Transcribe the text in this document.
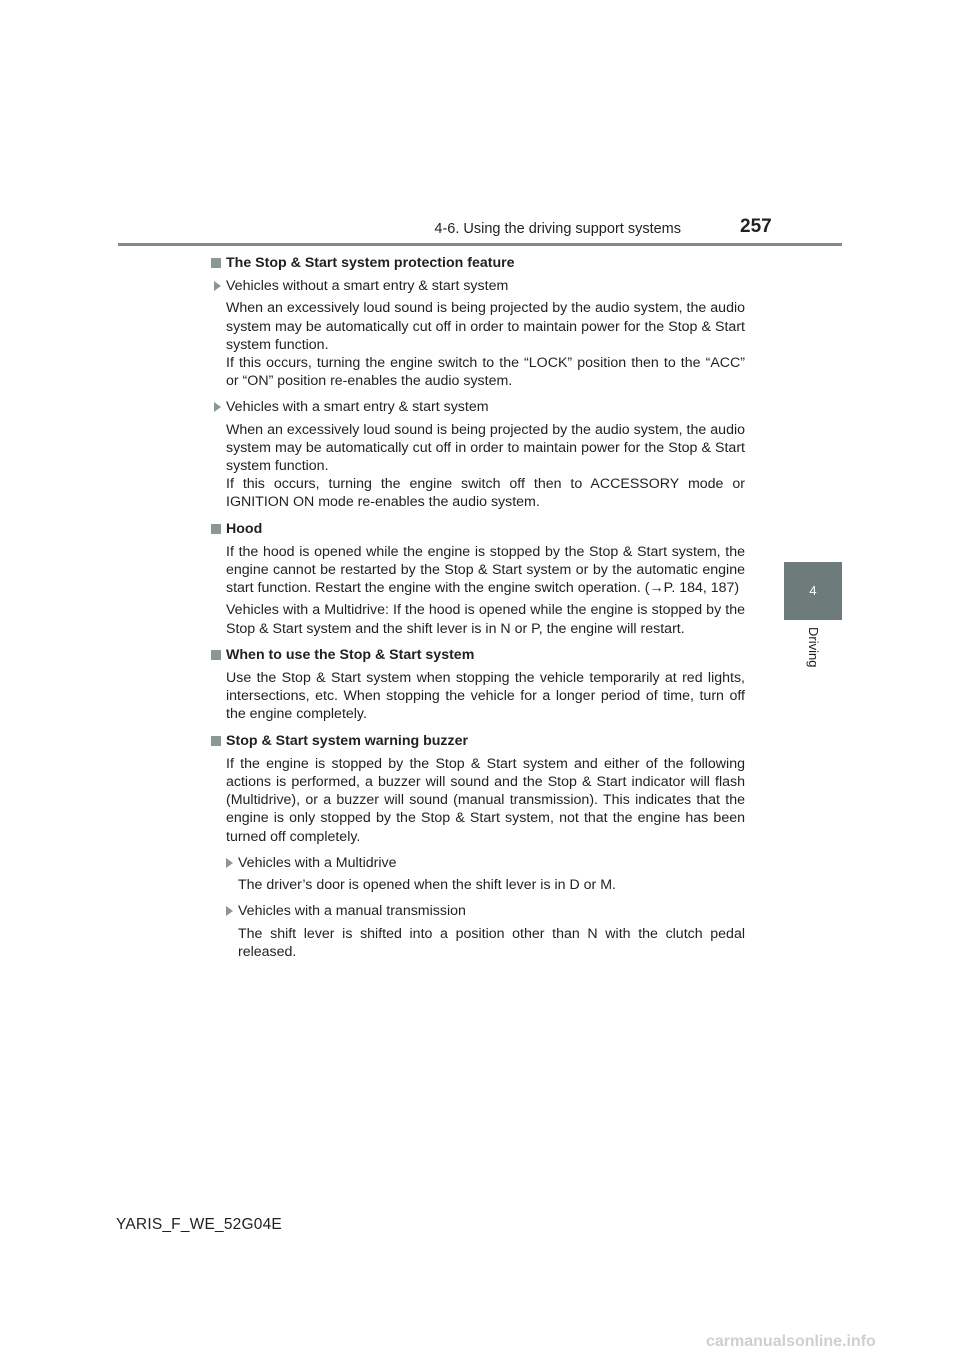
4-6. Using the driving support systems	257
4
Driving
The Stop & Start system protection feature
Vehicles without a smart entry & start system
When an excessively loud sound is being projected by the audio system, the audio system may be automatically cut off in order to maintain power for the Stop & Start system function.
If this occurs, turning the engine switch to the “LOCK” position then to the “ACC” or “ON” position re-enables the audio system.
Vehicles with a smart entry & start system
When an excessively loud sound is being projected by the audio system, the audio system may be automatically cut off in order to maintain power for the Stop & Start system function.
If this occurs, turning the engine switch off then to ACCESSORY mode or IGNITION ON mode re-enables the audio system.
Hood
If the hood is opened while the engine is stopped by the Stop & Start system, the engine cannot be restarted by the Stop & Start system or by the automatic engine start function. Restart the engine with the engine switch operation. (→P. 184, 187)
Vehicles with a Multidrive: If the hood is opened while the engine is stopped by the Stop & Start system and the shift lever is in N or P, the engine will restart.
When to use the Stop & Start system
Use the Stop & Start system when stopping the vehicle temporarily at red lights, intersections, etc. When stopping the vehicle for a longer period of time, turn off the engine completely.
Stop & Start system warning buzzer
If the engine is stopped by the Stop & Start system and either of the following actions is performed, a buzzer will sound and the Stop & Start indicator will flash (Multidrive), or a buzzer will sound (manual transmission). This indicates that the engine is only stopped by the Stop & Start system, not that the engine has been turned off completely.
Vehicles with a Multidrive
The driver’s door is opened when the shift lever is in D or M.
Vehicles with a manual transmission
The shift lever is shifted into a position other than N with the clutch pedal released.
YARIS_F_WE_52G04E
carmanualsonline.info
